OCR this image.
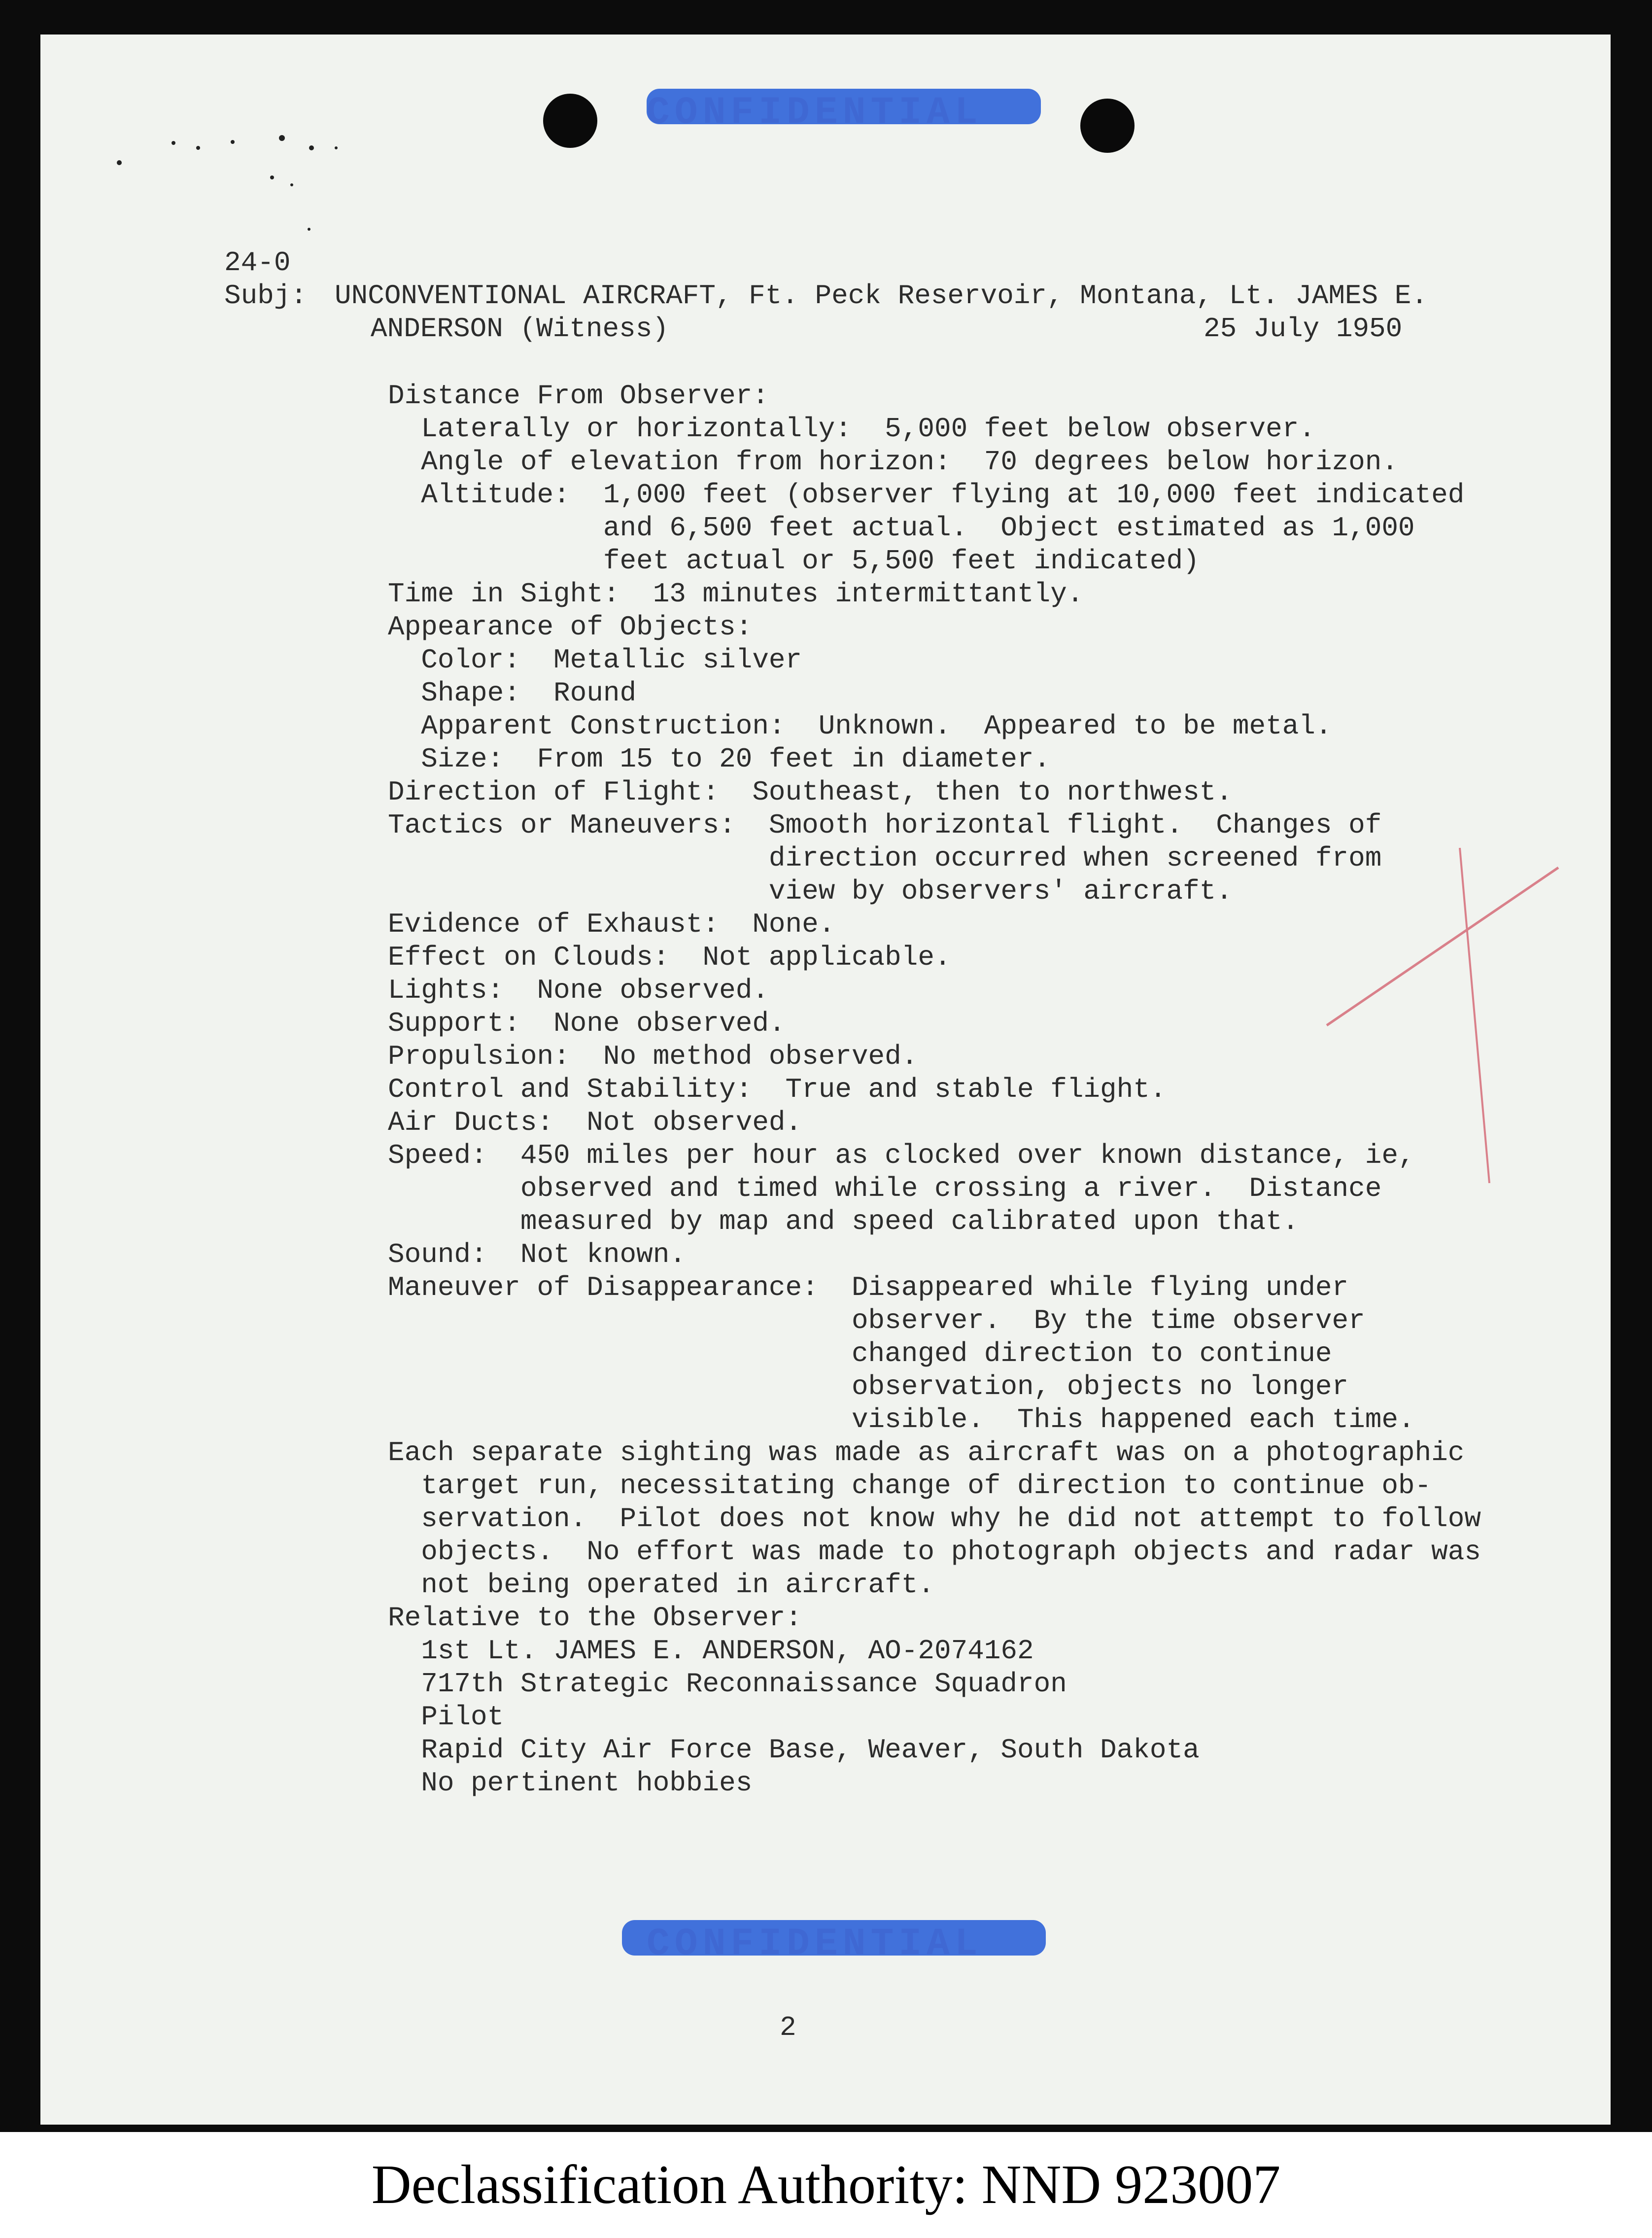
24-0
Subj: UNCONVENTIONAL AIRCRAFT, Ft. Peck Reservoir, Montana, Lt. JAMES E.
ANDERSON (Witness)	25 July 1950
Distance From Observer:
Laterally or horizontally:  5,000 feet below observer.
Angle of elevation from horizon:  70 degrees below horizon.
Altitude:  1,000 feet (observer flying at 10,000 feet indicated
and 6,500 feet actual.  Object estimated as 1,000
feet actual or 5,500 feet indicated)
Time in Sight:  13 minutes intermittantly.
Appearance of Objects:
Color:  Metallic silver
Shape:  Round
Apparent Construction:  Unknown.  Appeared to be metal.
Size:  From 15 to 20 feet in diameter.
Direction of Flight:  Southeast, then to northwest.
Tactics or Maneuvers:  Smooth horizontal flight.  Changes of
direction occurred when screened from
view by observers' aircraft.
Evidence of Exhaust:  None.
Effect on Clouds:  Not applicable.
Lights:  None observed.
Support:  None observed.
Propulsion:  No method observed.
Control and Stability:  True and stable flight.
Air Ducts:  Not observed.
Speed:  450 miles per hour as clocked over known distance, ie,
observed and timed while crossing a river.  Distance
measured by map and speed calibrated upon that.
Sound:  Not known.
Maneuver of Disappearance:  Disappeared while flying under
observer.  By the time observer
changed direction to continue
observation, objects no longer
visible.  This happened each time.
Each separate sighting was made as aircraft was on a photographic
target run, necessitating change of direction to continue ob-
servation.  Pilot does not know why he did not attempt to follow
objects.  No effort was made to photograph objects and radar was
not being operated in aircraft.
Relative to the Observer:
1st Lt. JAMES E. ANDERSON, AO-2074162
717th Strategic Reconnaissance Squadron
Pilot
Rapid City Air Force Base, Weaver, South Dakota
No pertinent hobbies
2
Declassification Authority: NND 923007
